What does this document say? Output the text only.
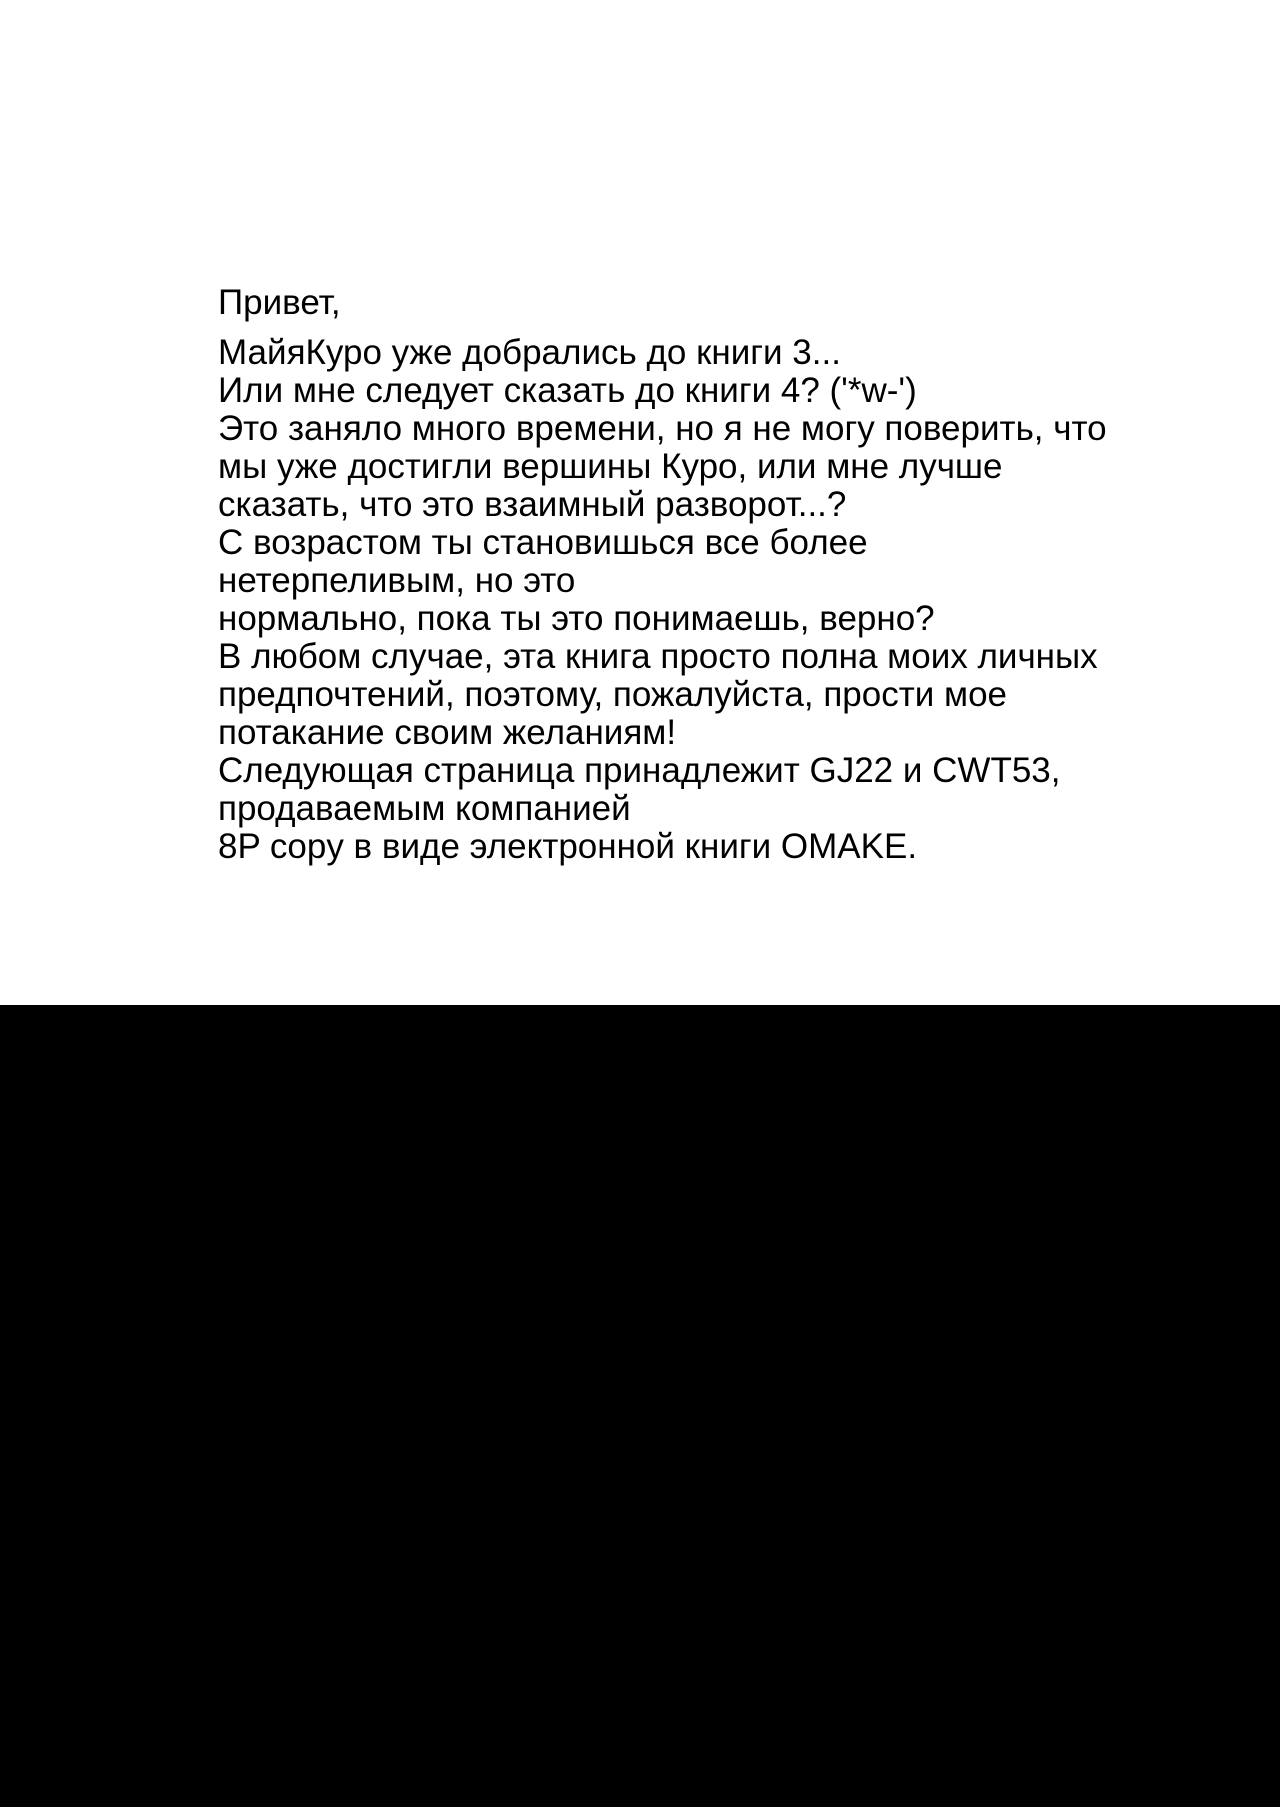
Привет,
МайяКуро уже добрались до книги 3...
Или мне следует сказать до книги 4? ('*w-')
Это заняло много времени, но я не могу поверить, что
мы уже достигли вершины Куро, или мне лучше
сказать, что это взаимный разворот...?
С возрастом ты становишься все более
нетерпеливым, но это
нормально, пока ты это понимаешь, верно?
В любом случае, эта книга просто полна моих личных
предпочтений, поэтому, пожалуйста, прости мое
потакание своим желаниям!
Следующая страница принадлежит GJ22 и CWT53,
продаваемым компанией
8P copy в виде электронной книги OMAKE.
